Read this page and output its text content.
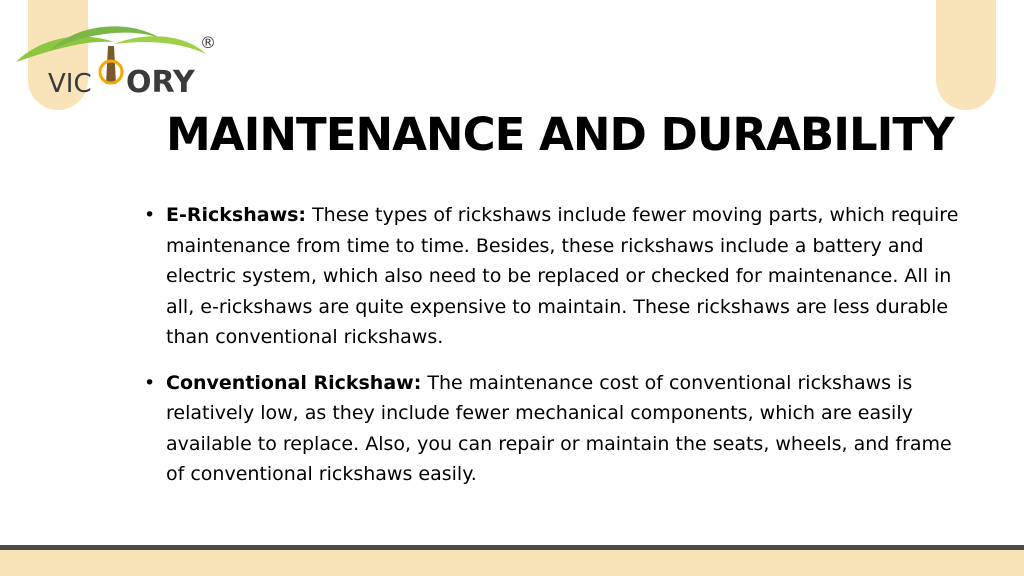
VIC ORY
®
MAINTENANCE AND DURABILITY
• E-Rickshaws: These types of rickshaws include fewer moving parts, which require maintenance from time to time. Besides, these rickshaws include a battery and electric system, which also need to be replaced or checked for maintenance. All in all, e-rickshaws are quite expensive to maintain. These rickshaws are less durable than conventional rickshaws.
• Conventional Rickshaw: The maintenance cost of conventional rickshaws is relatively low, as they include fewer mechanical components, which are easily available to replace. Also, you can repair or maintain the seats, wheels, and frame of conventional rickshaws easily.
